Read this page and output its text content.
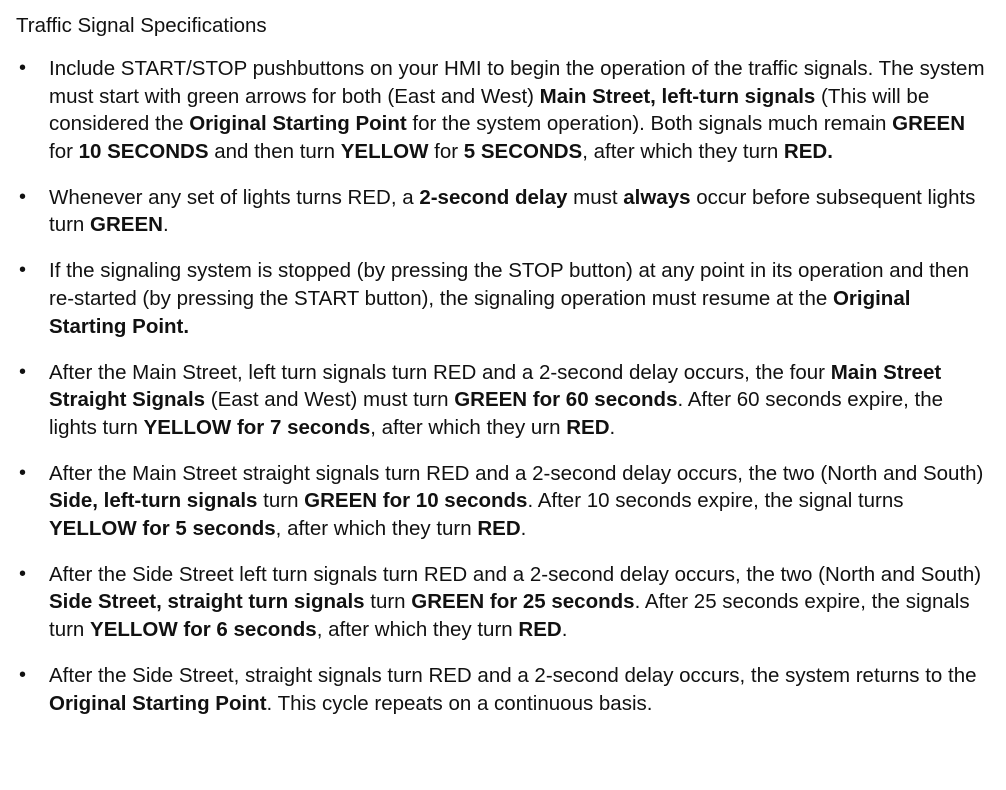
Traffic Signal Specifications
• Include START/STOP pushbuttons on your HMI to begin the operation of the traffic signals. The system must start with green arrows for both (East and West) Main Street, left-turn signals (This will be considered the Original Starting Point for the system operation). Both signals much remain GREEN for 10 SECONDS and then turn YELLOW for 5 SECONDS, after which they turn RED.
• Whenever any set of lights turns RED, a 2-second delay must always occur before subsequent lights turn GREEN.
• If the signaling system is stopped (by pressing the STOP button) at any point in its operation and then re-started (by pressing the START button), the signaling operation must resume at the Original Starting Point.
• After the Main Street, left turn signals turn RED and a 2-second delay occurs, the four Main Street Straight Signals (East and West) must turn GREEN for 60 seconds. After 60 seconds expire, the lights turn YELLOW for 7 seconds, after which they urn RED.
• After the Main Street straight signals turn RED and a 2-second delay occurs, the two (North and South) Side, left-turn signals turn GREEN for 10 seconds. After 10 seconds expire, the signal turns YELLOW for 5 seconds, after which they turn RED.
• After the Side Street left turn signals turn RED and a 2-second delay occurs, the two (North and South) Side Street, straight turn signals turn GREEN for 25 seconds. After 25 seconds expire, the signals turn YELLOW for 6 seconds, after which they turn RED.
• After the Side Street, straight signals turn RED and a 2-second delay occurs, the system returns to the Original Starting Point. This cycle repeats on a continuous basis.
